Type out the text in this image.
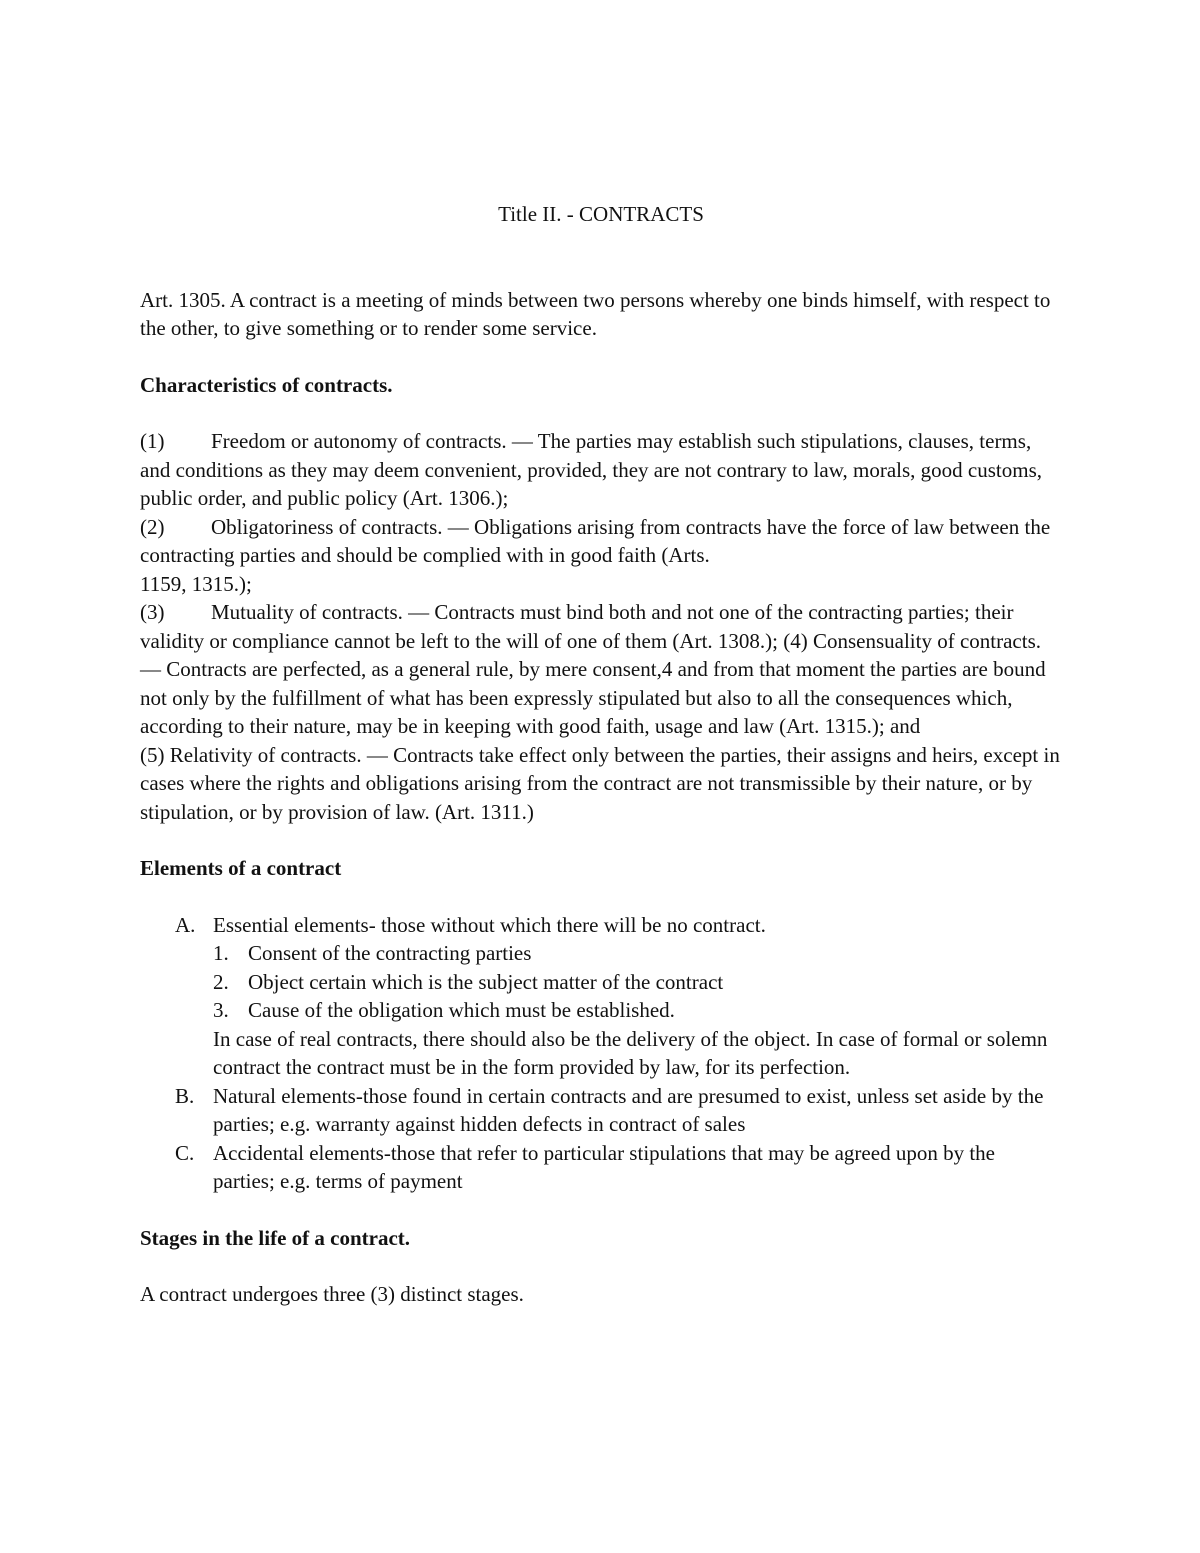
Title II. - CONTRACTS

Art. 1305. A contract is a meeting of minds between two persons whereby one binds himself, with respect to the other, to give something or to render some service.

Characteristics of contracts.

(1) Freedom or autonomy of contracts. — The parties may establish such stipulations, clauses, terms, and conditions as they may deem convenient, provided, they are not contrary to law, morals, good customs, public order, and public policy (Art. 1306.);

(2) Obligatoriness of contracts. — Obligations arising from contracts have the force of law between the contracting parties and should be complied with in good faith (Arts.

1159, 1315.);

(3) Mutuality of contracts. — Contracts must bind both and not one of the contracting parties; their validity or compliance cannot be left to the will of one of them (Art. 1308.); (4) Consensuality of contracts. — Contracts are perfected, as a general rule, by mere consent,4 and from that moment the parties are bound not only by the fulfillment of what has been expressly stipulated but also to all the consequences which, according to their nature, may be in keeping with good faith, usage and law (Art. 1315.); and

(5) Relativity of contracts. — Contracts take effect only between the parties, their assigns and heirs, except in cases where the rights and obligations arising from the contract are not transmissible by their nature, or by stipulation, or by provision of law. (Art. 1311.)

Elements of a contract

A. Essential elements- those without which there will be no contract.
1. Consent of the contracting parties
2. Object certain which is the subject matter of the contract
3. Cause of the obligation which must be established.

In case of real contracts, there should also be the delivery of the object. In case of formal or solemn contract the contract must be in the form provided by law, for its perfection.

B. Natural elements-those found in certain contracts and are presumed to exist, unless set aside by the parties; e.g. warranty against hidden defects in contract of sales
C. Accidental elements-those that refer to particular stipulations that may be agreed upon by the parties; e.g. terms of payment

Stages in the life of a contract.

A contract undergoes three (3) distinct stages.
